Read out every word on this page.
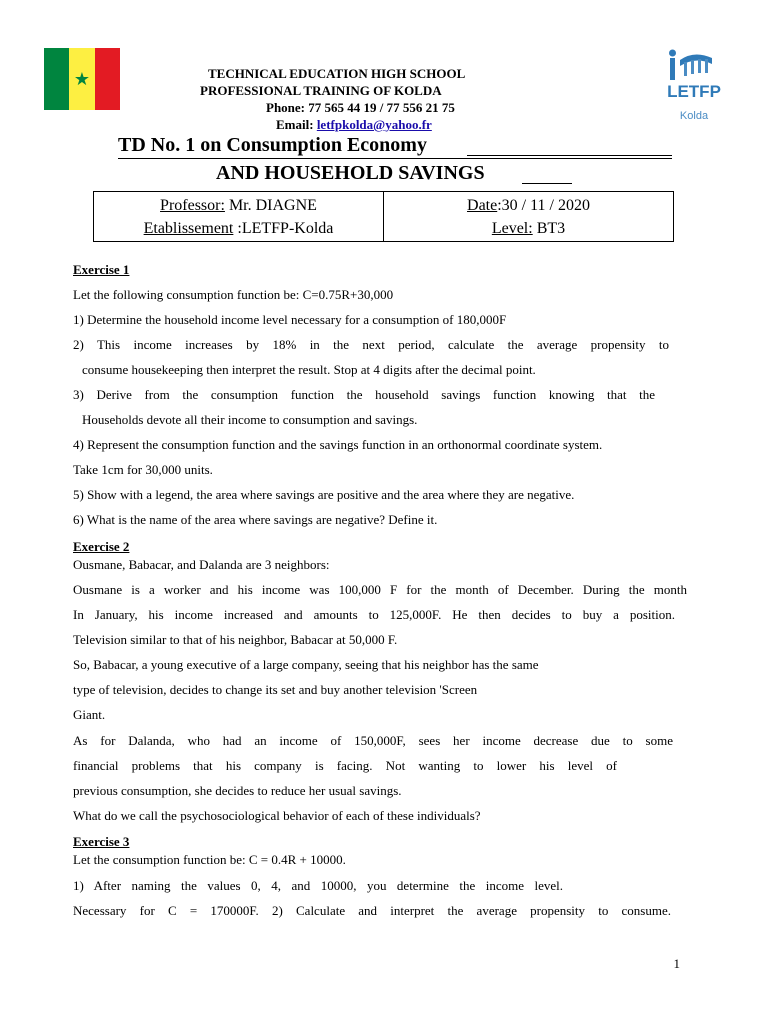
★	TECHNICAL EDUCATION HIGH SCHOOL
PROFESSIONAL TRAINING OF KOLDA
Phone: 77 565 44 19 / 77 556 21 75
Email: letfpkolda@yahoo.fr
LETFP
Kolda
TD No. 1 on Consumption Economy
AND HOUSEHOLD SAVINGS
Professor: Mr. DIAGNE
Etablissement :LETFP-Kolda
Date:30 / 11 / 2020
Level: BT3
Exercise 1
Let the following consumption function be: C=0.75R+30,000
1) Determine the household income level necessary for a consumption of 180,000F
2) This income increases by 18% in the next period, calculate the average propensity to
consume housekeeping then interpret the result. Stop at 4 digits after the decimal point.
3) Derive from the consumption function the household savings function knowing that the
Households devote all their income to consumption and savings.
4) Represent the consumption function and the savings function in an orthonormal coordinate system.
Take 1cm for 30,000 units.
5) Show with a legend, the area where savings are positive and the area where they are negative.
6) What is the name of the area where savings are negative? Define it.
Exercise 2
Ousmane, Babacar, and Dalanda are 3 neighbors:
Ousmane is a worker and his income was 100,000 F for the month of December. During the month
In January, his income increased and amounts to 125,000F. He then decides to buy a position.
Television similar to that of his neighbor, Babacar at 50,000 F.
So, Babacar, a young executive of a large company, seeing that his neighbor has the same
type of television, decides to change its set and buy another television 'Screen
Giant.
As for Dalanda, who had an income of 150,000F, sees her income decrease due to some
financial problems that his company is facing. Not wanting to lower his level of
previous consumption, she decides to reduce her usual savings.
What do we call the psychosociological behavior of each of these individuals?
Exercise 3
Let the consumption function be: C = 0.4R + 10000.
1) After naming the values 0, 4, and 10000, you determine the income level.
Necessary for C = 170000F. 2) Calculate and interpret the average propensity to consume.
1
